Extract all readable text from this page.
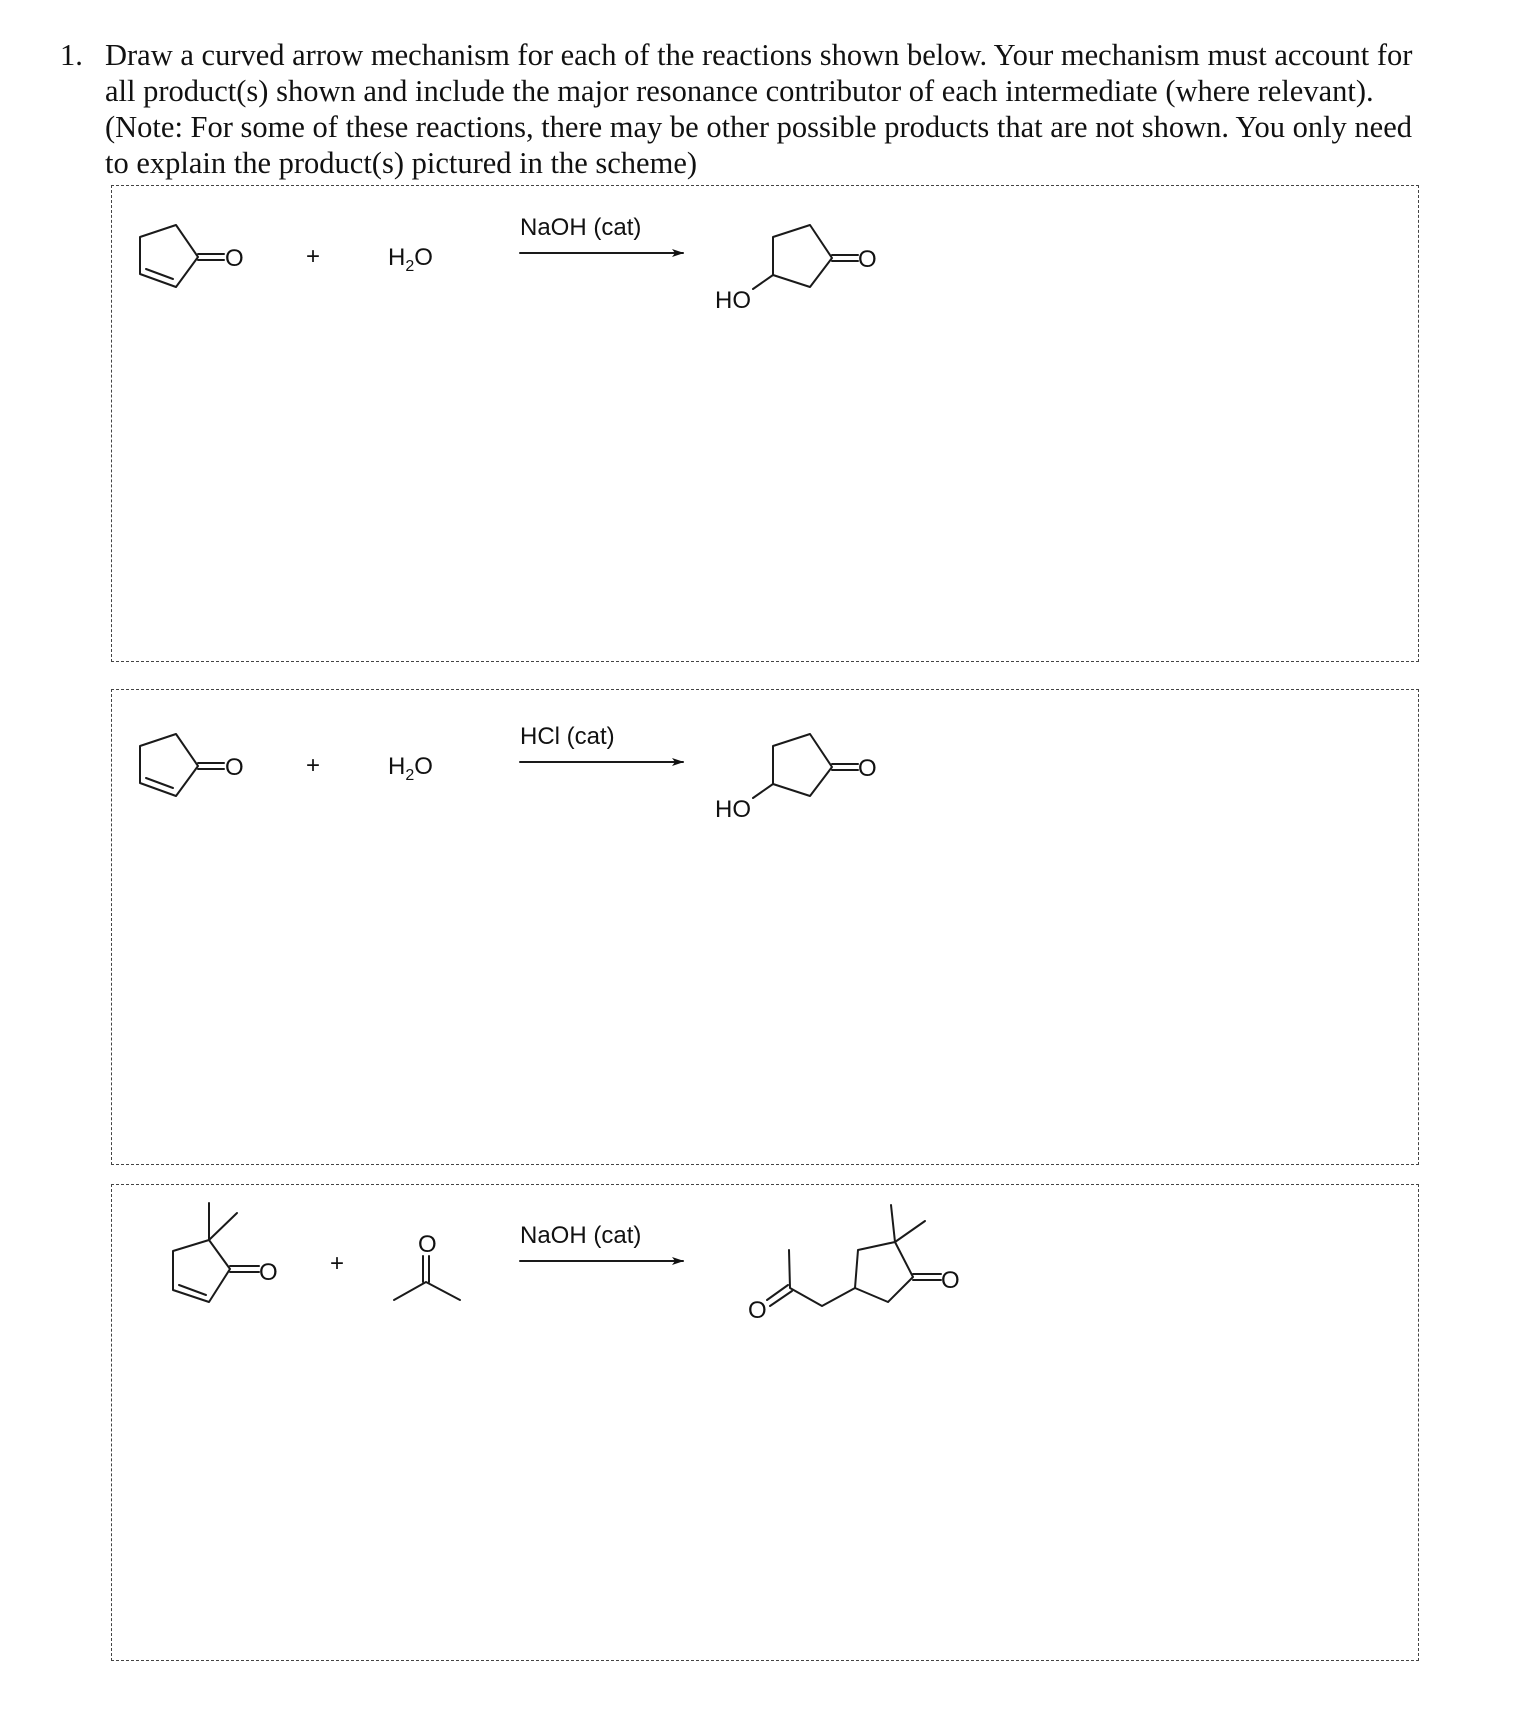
1. Draw a curved arrow mechanism for each of the reactions shown below. Your mechanism must account for
all product(s) shown and include the major resonance contributor of each intermediate (where relevant).
(Note: For some of these reactions, there may be other possible products that are not shown. You only need
to explain the product(s) pictured in the scheme)
O	+	$H_2O$
NaOH (cat)
O
HO
O	+	$H_2O$
HCl (cat)
O
HO
O +
O	NaOH (cat)
O
O
